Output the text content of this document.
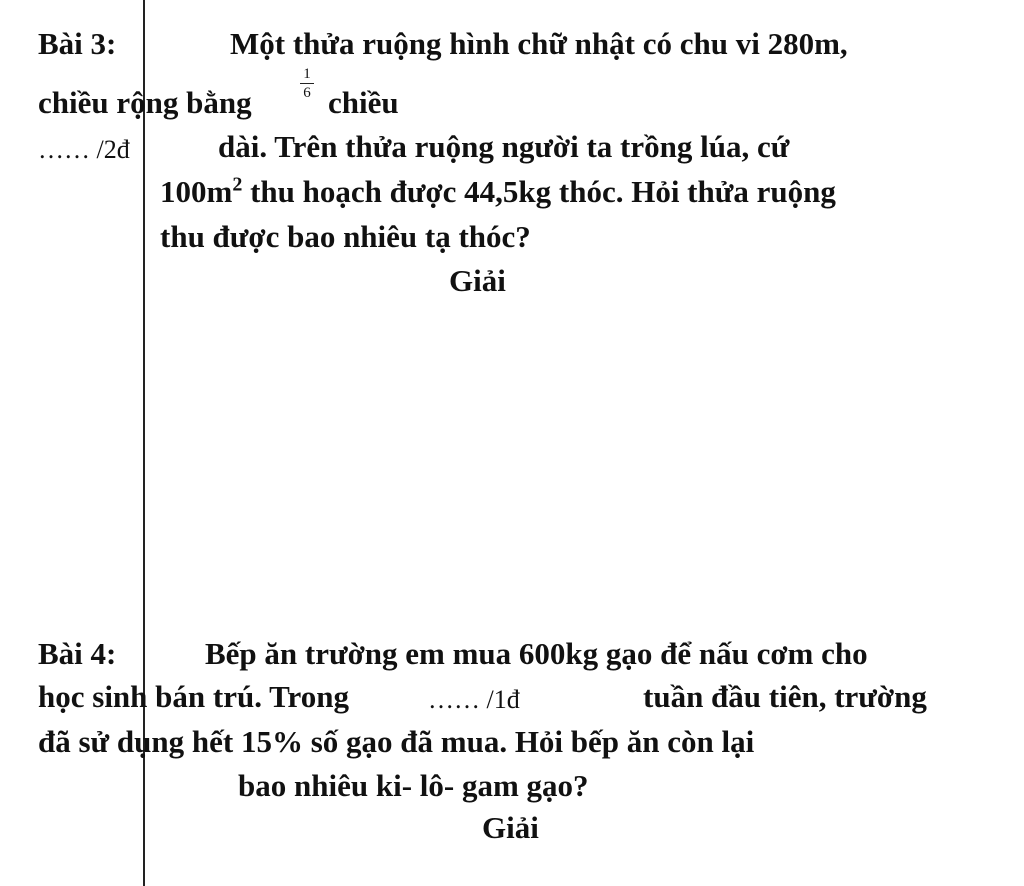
Bài 3:	Một thửa ruộng hình chữ nhật có chu vi 280m,
chiều rộng bằng
1
6 chiều
…… /2đ	dài. Trên thửa ruộng người ta trồng lúa, cứ
$100m^2$ thu hoạch được 44,5kg thóc. Hỏi thửa ruộng
thu được bao nhiêu tạ thóc?
Giải
Bài 4:	Bếp ăn trường em mua 600kg gạo để nấu cơm cho
học sinh bán trú. Trong	…… /1đ	tuần đầu tiên, trường
đã sử dụng hết 15% số gạo đã mua. Hỏi bếp ăn còn lại
bao nhiêu ki- lô- gam gạo?
Giải
